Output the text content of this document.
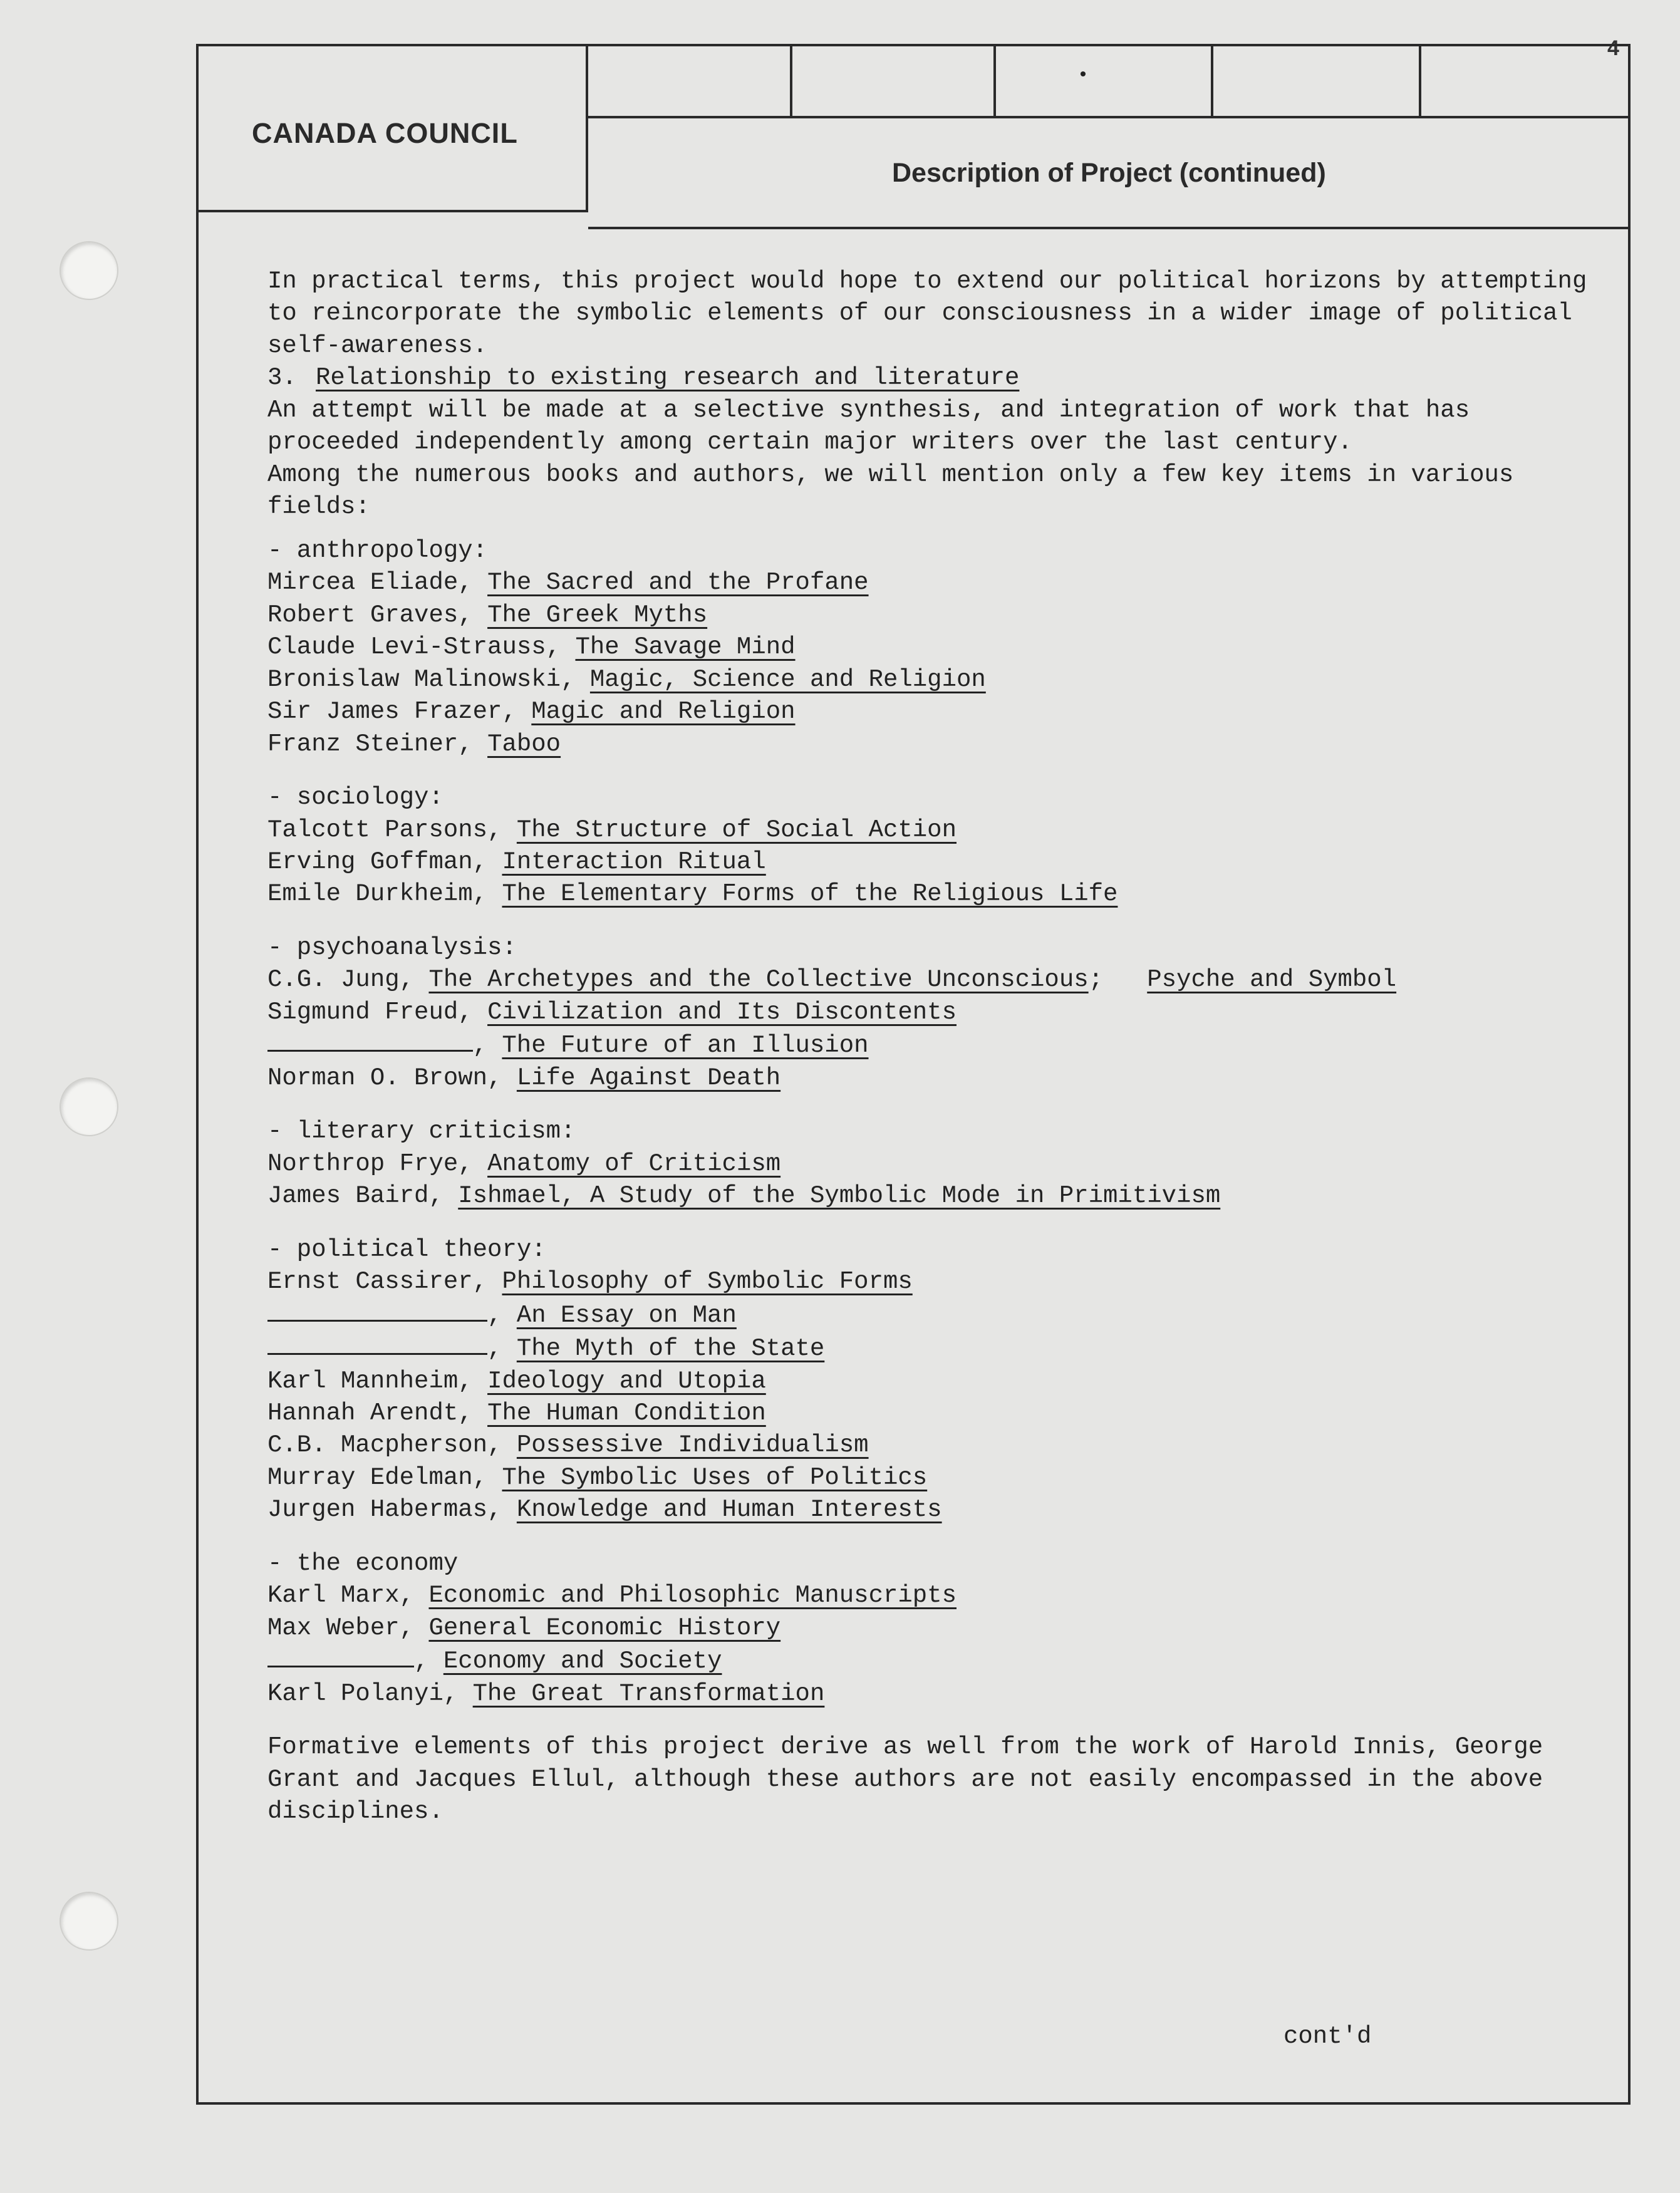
4
CANADA COUNCIL
•
Description of Project (continued)

In practical terms, this project would hope to extend our political horizons by attempting to reincorporate the symbolic elements of our consciousness in a wider image of political self-awareness.

3. Relationship to existing research and literature

An attempt will be made at a selective synthesis, and integration of work that has proceeded independently among certain major writers over the last century.

Among the numerous books and authors, we will mention only a few key items in various fields:

- anthropology:

Mircea Eliade, The Sacred and the Profane

Robert Graves, The Greek Myths

Claude Levi-Strauss, The Savage Mind

Bronislaw Malinowski, Magic, Science and Religion

Sir James Frazer, Magic and Religion

Franz Steiner, Taboo

- sociology:

Talcott Parsons, The Structure of Social Action

Erving Goffman, Interaction Ritual

Emile Durkheim, The Elementary Forms of the Religious Life

- psychoanalysis:

C.G. Jung, The Archetypes and the Collective Unconscious; Psyche and Symbol

Sigmund Freud, Civilization and Its Discontents

, The Future of an Illusion

Norman O. Brown, Life Against Death

- literary criticism:

Northrop Frye, Anatomy of Criticism

James Baird, Ishmael, A Study of the Symbolic Mode in Primitivism

- political theory:

Ernst Cassirer, Philosophy of Symbolic Forms

, An Essay on Man

, The Myth of the State

Karl Mannheim, Ideology and Utopia

Hannah Arendt, The Human Condition

C.B. Macpherson, Possessive Individualism

Murray Edelman, The Symbolic Uses of Politics

Jurgen Habermas, Knowledge and Human Interests

- the economy

Karl Marx, Economic and Philosophic Manuscripts

Max Weber, General Economic History

, Economy and Society

Karl Polanyi, The Great Transformation

Formative elements of this project derive as well from the work of Harold Innis, George Grant and Jacques Ellul, although these authors are not easily encompassed in the above disciplines.

cont'd
